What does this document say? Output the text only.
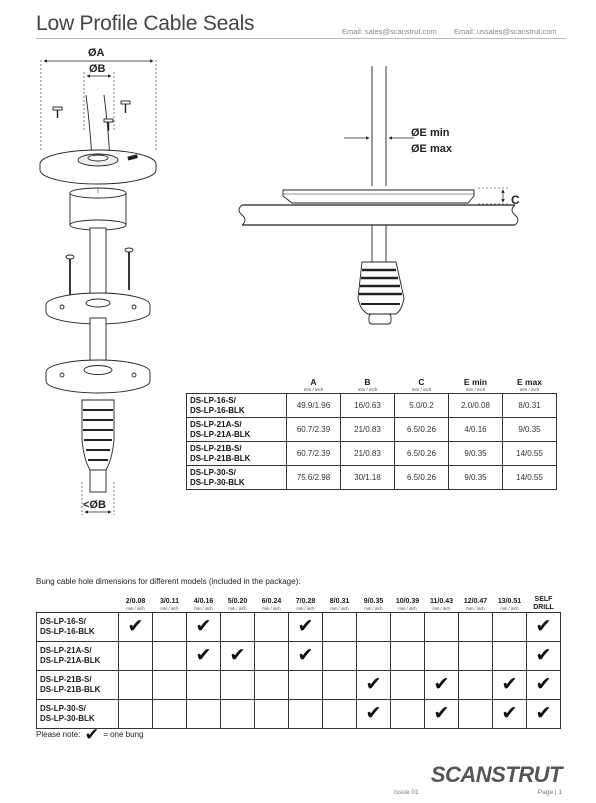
Low Profile Cable Seals	Email: sales@scanstrut.com Email: ussales@scanstrut.com
ØA
ØB
<ØB
ØE min
ØE max
C
	A
mm / inch	B
mm / inch	C
mm / inch	E min
mm / inch	E max
mm / inch

DS-LP-16-S/
DS-LP-16-BLK	49.9/1.96	16/0.63	5.0/0.2	2.0/0.08	8/0.31

DS-LP-21A-S/
DS-LP-21A-BLK	60.7/2.39	21/0.83	6.5/0.26	4/0.16	9/0.35

DS-LP-21B-S/
DS-LP-21B-BLK	60.7/2.39	21/0.83	6.5/0.26	9/0.35	14/0.55

DS-LP-30-S/
DS-LP-30-BLK	75.6/2.98	30/1.18	6.5/0.26	9/0.35	14/0.55
Bung cable hole dimensions for different models (included in the package):
	2/0.08
mm / inch	3/0.11
mm / inch	4/0.16
mm / inch	5/0.20
mm / inch	6/0.24
mm / inch	7/0.28
mm / inch	8/0.31
mm / inch	9/0.35
mm / inch	10/0.39
mm / inch	11/0.43
mm / inch	12/0.47
mm / inch	13/0.51
mm / inch	SELF DRILL

DS-LP-16-S/
DS-LP-16-BLK	✔		✔			✔							✔

DS-LP-21A-S/
DS-LP-21A-BLK			✔	✔		✔							✔

DS-LP-21B-S/
DS-LP-21B-BLK								✔		✔		✔	✔

DS-LP-30-S/
DS-LP-30-BLK								✔		✔		✔	✔
Please note: ✔ = one bung
SCANSTRUT
Issue 01	Page | 1
